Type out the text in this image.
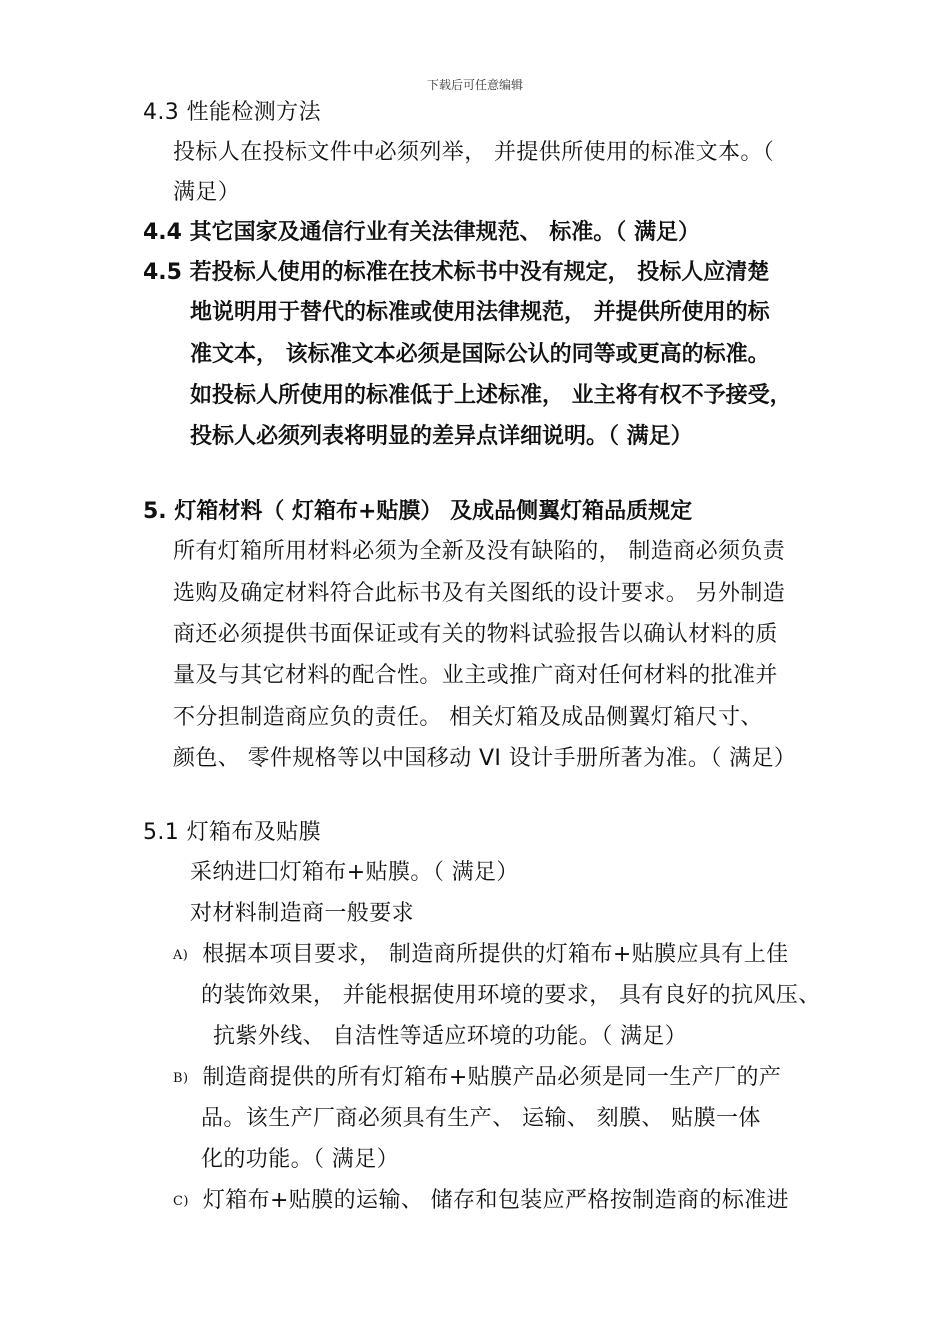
下载后可任意编辑
4.3 性能检测方法
投标人在投标文件中必须列举， 并提供所使用的标准文本。（
满足）
4.4 其它国家及通信行业有关法律规范、 标准。（ 满足）
4.5 若投标人使用的标准在技术标书中没有规定， 投标人应清楚
地说明用于替代的标准或使用法律规范， 并提供所使用的标
准文本， 该标准文本必须是国际公认的同等或更高的标准。
如投标人所使用的标准低于上述标准， 业主将有权不予接受，
投标人必须列表将明显的差异点详细说明。（ 满足）
5. 灯箱材料（ 灯箱布+贴膜） 及成品侧翼灯箱品质规定
所有灯箱所用材料必须为全新及没有缺陷的， 制造商必须负责
选购及确定材料符合此标书及有关图纸的设计要求。 另外制造
商还必须提供书面保证或有关的物料试验报告以确认材料的质
量及与其它材料的配合性。业主或推广商对任何材料的批准并
不分担制造商应负的责任。 相关灯箱及成品侧翼灯箱尺寸、
颜色、 零件规格等以中国移动 VI 设计手册所著为准。（ 满足）
5.1 灯箱布及贴膜
采纳进囗灯箱布+贴膜。（ 满足）
对材料制造商一般要求
A) 根据本项目要求， 制造商所提供的灯箱布+贴膜应具有上佳
的装饰效果， 并能根据使用环境的要求， 具有良好的抗风压、
抗紫外线、 自洁性等适应环境的功能。（ 满足）
B) 制造商提供的所有灯箱布+贴膜产品必须是同一生产厂的产
品。该生产厂商必须具有生产、 运输、 刻膜、 贴膜一体
化的功能。（ 满足）
C) 灯箱布+贴膜的运输、 储存和包装应严格按制造商的标准进
